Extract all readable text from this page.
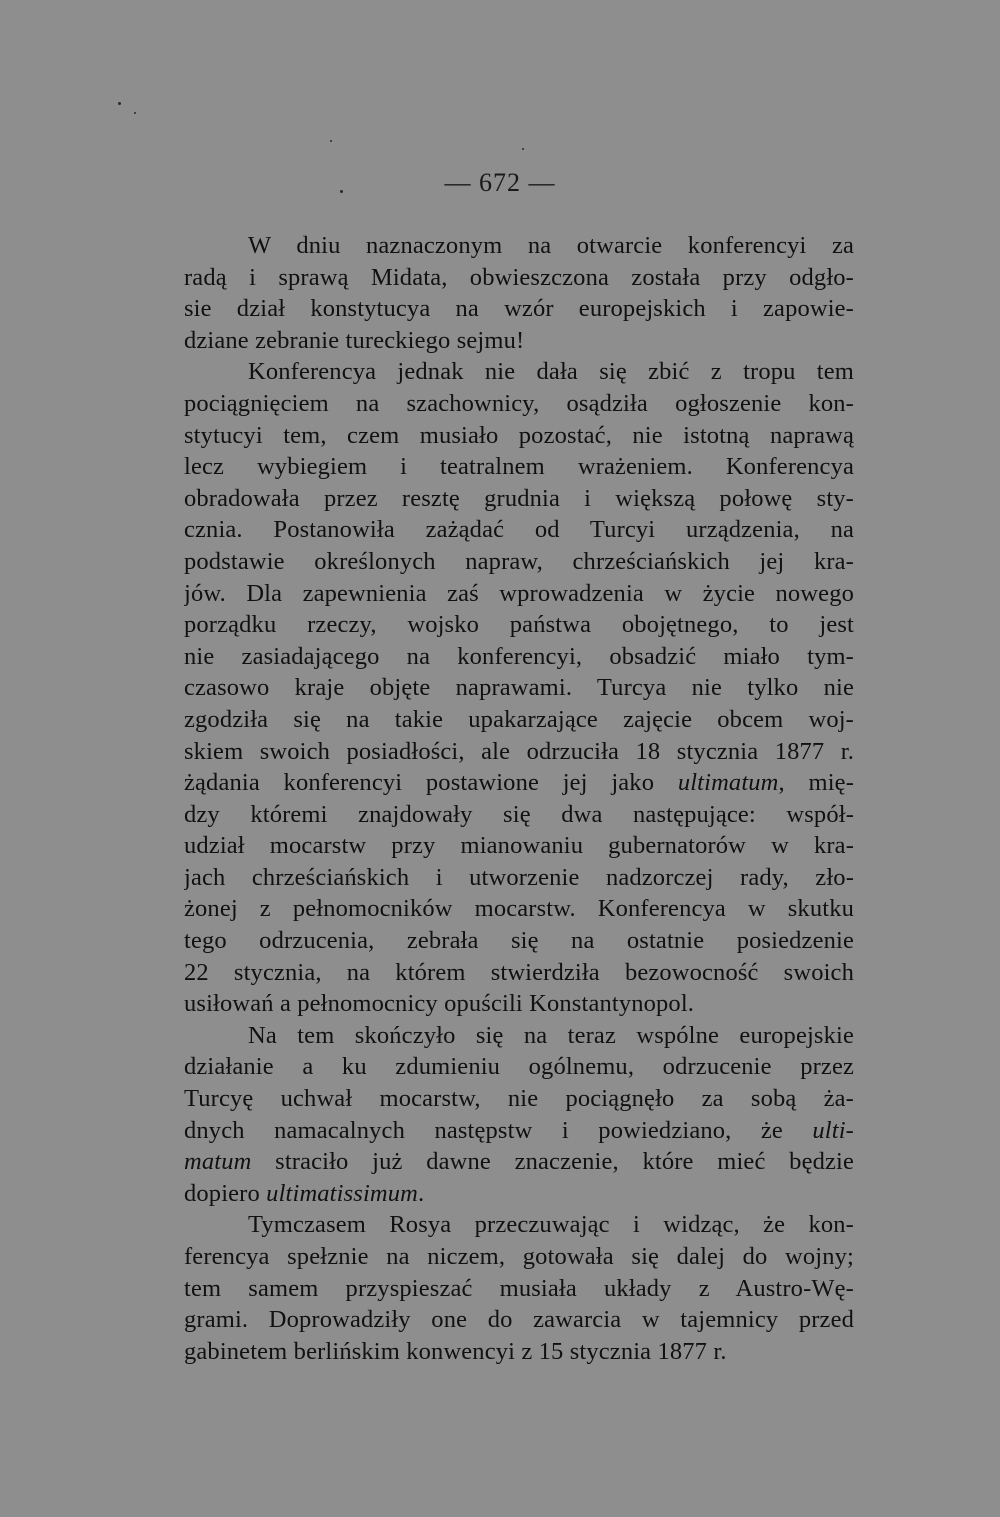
— 672 —
W dniu naznaczonym na otwarcie konferencyi za
radą i sprawą Midata, obwieszczona została przy odgło-
sie dział konstytucya na wzór europejskich i zapowie-
dziane zebranie tureckiego sejmu!
Konferencya jednak nie dała się zbić z tropu tem
pociągnięciem na szachownicy, osądziła ogłoszenie kon-
stytucyi tem, czem musiało pozostać, nie istotną naprawą
lecz wybiegiem i teatralnem wrażeniem. Konferencya
obradowała przez resztę grudnia i większą połowę sty-
cznia. Postanowiła zażądać od Turcyi urządzenia, na
podstawie określonych napraw, chrześciańskich jej kra-
jów. Dla zapewnienia zaś wprowadzenia w życie nowego
porządku rzeczy, wojsko państwa obojętnego, to jest
nie zasiadającego na konferencyi, obsadzić miało tym-
czasowo kraje objęte naprawami. Turcya nie tylko nie
zgodziła się na takie upakarzające zajęcie obcem woj-
skiem swoich posiadłości, ale odrzuciła 18 stycznia 1877 r.
żądania konferencyi postawione jej jako ultimatum, mię-
dzy któremi znajdowały się dwa następujące: współ-
udział mocarstw przy mianowaniu gubernatorów w kra-
jach chrześciańskich i utworzenie nadzorczej rady, zło-
żonej z pełnomocników mocarstw. Konferencya w skutku
tego odrzucenia, zebrała się na ostatnie posiedzenie
22 stycznia, na którem stwierdziła bezowocność swoich
usiłowań a pełnomocnicy opuścili Konstantynopol.
Na tem skończyło się na teraz wspólne europejskie
działanie a ku zdumieniu ogólnemu, odrzucenie przez
Turcyę uchwał mocarstw, nie pociągnęło za sobą ża-
dnych namacalnych następstw i powiedziano, że ulti-
matum straciło już dawne znaczenie, które mieć będzie
dopiero ultimatissimum.
Tymczasem Rosya przeczuwając i widząc, że kon-
ferencya spełznie na niczem, gotowała się dalej do wojny;
tem samem przyspieszać musiała układy z Austro-Wę-
grami. Doprowadziły one do zawarcia w tajemnicy przed
gabinetem berlińskim konwencyi z 15 stycznia 1877 r.
